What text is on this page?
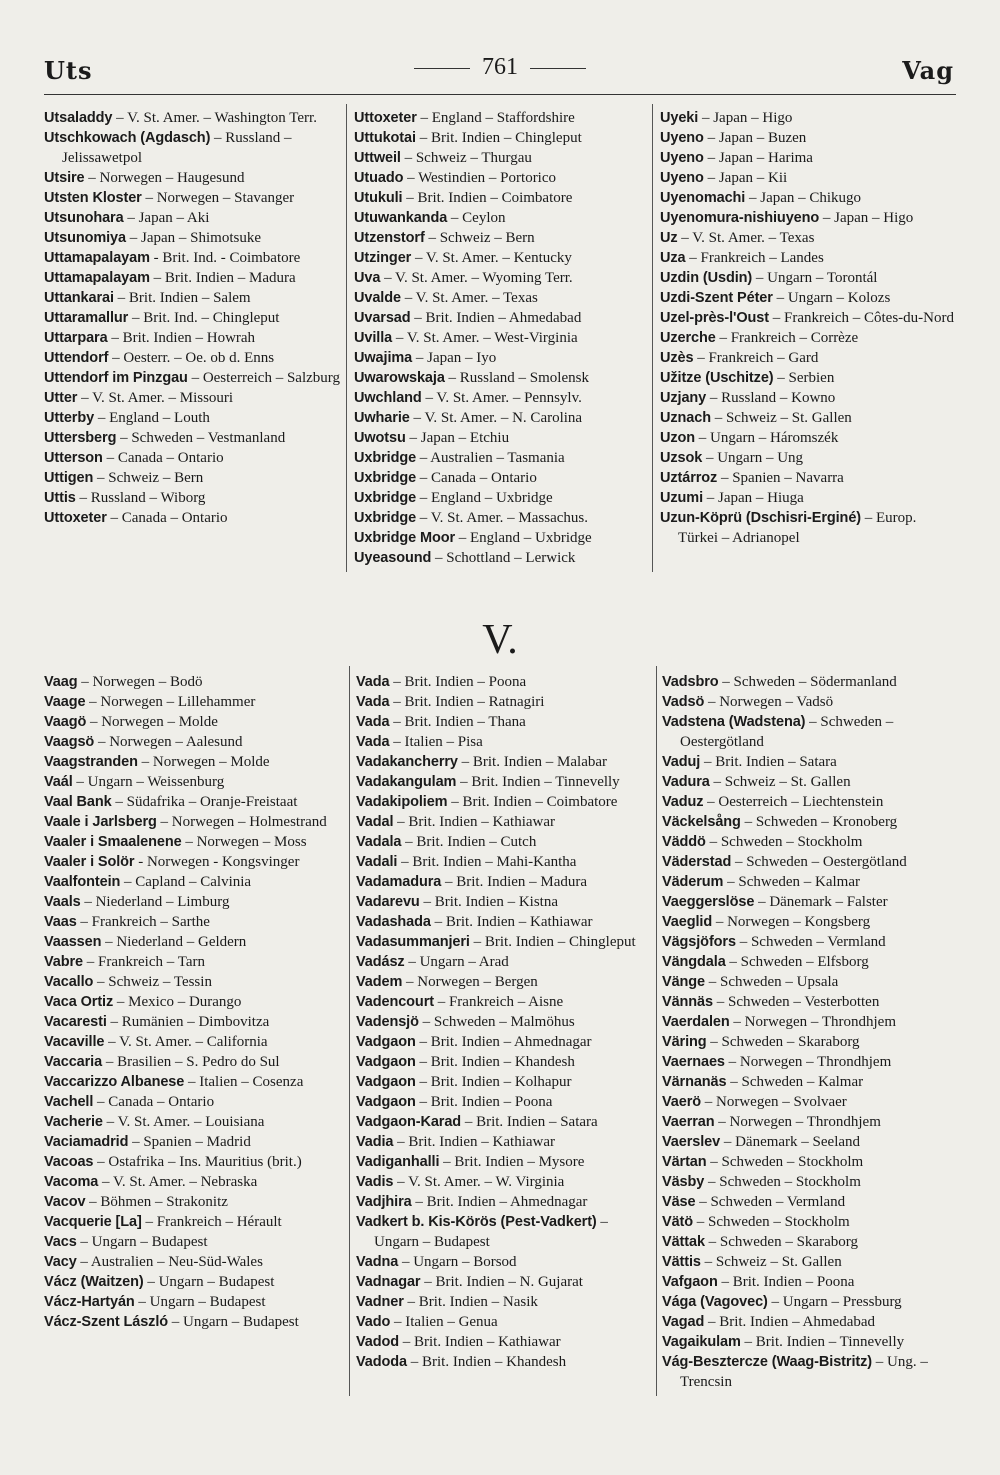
Uts	761	Vag
Utsaladdy – V. St. Amer. – Washington Terr.
Utschkowach (Agdasch) – Russland – Jelissawetpol
Utsire – Norwegen – Haugesund
Utsten Kloster – Norwegen – Stavanger
Utsunohara – Japan – Aki
Utsunomiya – Japan – Shimotsuke
Uttamapalayam - Brit. Ind. - Coimbatore
Uttamapalayam – Brit. Indien – Madura
Uttankarai – Brit. Indien – Salem
Uttaramallur – Brit. Ind. – Chingleput
Uttarpara – Brit. Indien – Howrah
Uttendorf – Oesterr. – Oe. ob d. Enns
Uttendorf im Pinzgau – Oesterreich – Salzburg
Utter – V. St. Amer. – Missouri
Utterby – England – Louth
Uttersberg – Schweden – Vestmanland
Utterson – Canada – Ontario
Uttigen – Schweiz – Bern
Uttis – Russland – Wiborg
Uttoxeter – Canada – Ontario
Uttoxeter – England – Staffordshire
Uttukotai – Brit. Indien – Chingleput
Uttweil – Schweiz – Thurgau
Utuado – Westindien – Portorico
Utukuli – Brit. Indien – Coimbatore
Utuwankanda – Ceylon
Utzenstorf – Schweiz – Bern
Utzinger – V. St. Amer. – Kentucky
Uva – V. St. Amer. – Wyoming Terr.
Uvalde – V. St. Amer. – Texas
Uvarsad – Brit. Indien – Ahmedabad
Uvilla – V. St. Amer. – West-Virginia
Uwajima – Japan – Iyo
Uwarowskaja – Russland – Smolensk
Uwchland – V. St. Amer. – Pennsylv.
Uwharie – V. St. Amer. – N. Carolina
Uwotsu – Japan – Etchiu
Uxbridge – Australien – Tasmania
Uxbridge – Canada – Ontario
Uxbridge – England – Uxbridge
Uxbridge – V. St. Amer. – Massachus.
Uxbridge Moor – England – Uxbridge
Uyeasound – Schottland – Lerwick
Uyeki – Japan – Higo
Uyeno – Japan – Buzen
Uyeno – Japan – Harima
Uyeno – Japan – Kii
Uyenomachi – Japan – Chikugo
Uyenomura-nishiuyeno – Japan – Higo
Uz – V. St. Amer. – Texas
Uza – Frankreich – Landes
Uzdin (Usdin) – Ungarn – Torontál
Uzdi-Szent Péter – Ungarn – Kolozs
Uzel-près-l'Oust – Frankreich – Côtes-du-Nord
Uzerche – Frankreich – Corrèze
Uzès – Frankreich – Gard
Užitze (Uschitze) – Serbien
Uzjany – Russland – Kowno
Uznach – Schweiz – St. Gallen
Uzon – Ungarn – Háromszék
Uzsok – Ungarn – Ung
Uztárroz – Spanien – Navarra
Uzumi – Japan – Hiuga
Uzun-Köprü (Dschisri-Erginé) – Europ. Türkei – Adrianopel
V.
Vaag – Norwegen – Bodö
Vaage – Norwegen – Lillehammer
Vaagö – Norwegen – Molde
Vaagsö – Norwegen – Aalesund
Vaagstranden – Norwegen – Molde
Vaál – Ungarn – Weissenburg
Vaal Bank – Südafrika – Oranje-Freistaat
Vaale i Jarlsberg – Norwegen – Holmestrand
Vaaler i Smaalenene – Norwegen – Moss
Vaaler i Solör - Norwegen - Kongsvinger
Vaalfontein – Capland – Calvinia
Vaals – Niederland – Limburg
Vaas – Frankreich – Sarthe
Vaassen – Niederland – Geldern
Vabre – Frankreich – Tarn
Vacallo – Schweiz – Tessin
Vaca Ortiz – Mexico – Durango
Vacaresti – Rumänien – Dimbovitza
Vacaville – V. St. Amer. – California
Vaccaria – Brasilien – S. Pedro do Sul
Vaccarizzo Albanese – Italien – Cosenza
Vachell – Canada – Ontario
Vacherie – V. St. Amer. – Louisiana
Vaciamadrid – Spanien – Madrid
Vacoas – Ostafrika – Ins. Mauritius (brit.)
Vacoma – V. St. Amer. – Nebraska
Vacov – Böhmen – Strakonitz
Vacquerie [La] – Frankreich – Hérault
Vacs – Ungarn – Budapest
Vacy – Australien – Neu-Süd-Wales
Vácz (Waitzen) – Ungarn – Budapest
Vácz-Hartyán – Ungarn – Budapest
Vácz-Szent László – Ungarn – Budapest
Vada – Brit. Indien – Poona
Vada – Brit. Indien – Ratnagiri
Vada – Brit. Indien – Thana
Vada – Italien – Pisa
Vadakancherry – Brit. Indien – Malabar
Vadakangulam – Brit. Indien – Tinnevelly
Vadakipoliem – Brit. Indien – Coimbatore
Vadal – Brit. Indien – Kathiawar
Vadala – Brit. Indien – Cutch
Vadali – Brit. Indien – Mahi-Kantha
Vadamadura – Brit. Indien – Madura
Vadarevu – Brit. Indien – Kistna
Vadashada – Brit. Indien – Kathiawar
Vadasummanjeri – Brit. Indien – Chingleput
Vadász – Ungarn – Arad
Vadem – Norwegen – Bergen
Vadencourt – Frankreich – Aisne
Vadensjö – Schweden – Malmöhus
Vadgaon – Brit. Indien – Ahmednagar
Vadgaon – Brit. Indien – Khandesh
Vadgaon – Brit. Indien – Kolhapur
Vadgaon – Brit. Indien – Poona
Vadgaon-Karad – Brit. Indien – Satara
Vadia – Brit. Indien – Kathiawar
Vadiganhalli – Brit. Indien – Mysore
Vadis – V. St. Amer. – W. Virginia
Vadjhira – Brit. Indien – Ahmednagar
Vadkert b. Kis-Körös (Pest-Vadkert) – Ungarn – Budapest
Vadna – Ungarn – Borsod
Vadnagar – Brit. Indien – N. Gujarat
Vadner – Brit. Indien – Nasik
Vado – Italien – Genua
Vadod – Brit. Indien – Kathiawar
Vadoda – Brit. Indien – Khandesh
Vadsbro – Schweden – Södermanland
Vadsö – Norwegen – Vadsö
Vadstena (Wadstena) – Schweden – Oestergötland
Vaduj – Brit. Indien – Satara
Vadura – Schweiz – St. Gallen
Vaduz – Oesterreich – Liechtenstein
Väckelsång – Schweden – Kronoberg
Väddö – Schweden – Stockholm
Väderstad – Schweden – Oestergötland
Väderum – Schweden – Kalmar
Vaeggerslöse – Dänemark – Falster
Vaeglid – Norwegen – Kongsberg
Vägsjöfors – Schweden – Vermland
Vängdala – Schweden – Elfsborg
Vänge – Schweden – Upsala
Vännäs – Schweden – Vesterbotten
Vaerdalen – Norwegen – Throndhjem
Väring – Schweden – Skaraborg
Vaernaes – Norwegen – Throndhjem
Värnanäs – Schweden – Kalmar
Vaerö – Norwegen – Svolvaer
Vaerran – Norwegen – Throndhjem
Vaerslev – Dänemark – Seeland
Värtan – Schweden – Stockholm
Väsby – Schweden – Stockholm
Väse – Schweden – Vermland
Vätö – Schweden – Stockholm
Vättak – Schweden – Skaraborg
Vättis – Schweiz – St. Gallen
Vafgaon – Brit. Indien – Poona
Vága (Vagovec) – Ungarn – Pressburg
Vagad – Brit. Indien – Ahmedabad
Vagaikulam – Brit. Indien – Tinnevelly
Vág-Besztercze (Waag-Bistritz) – Ung. – Trencsin
